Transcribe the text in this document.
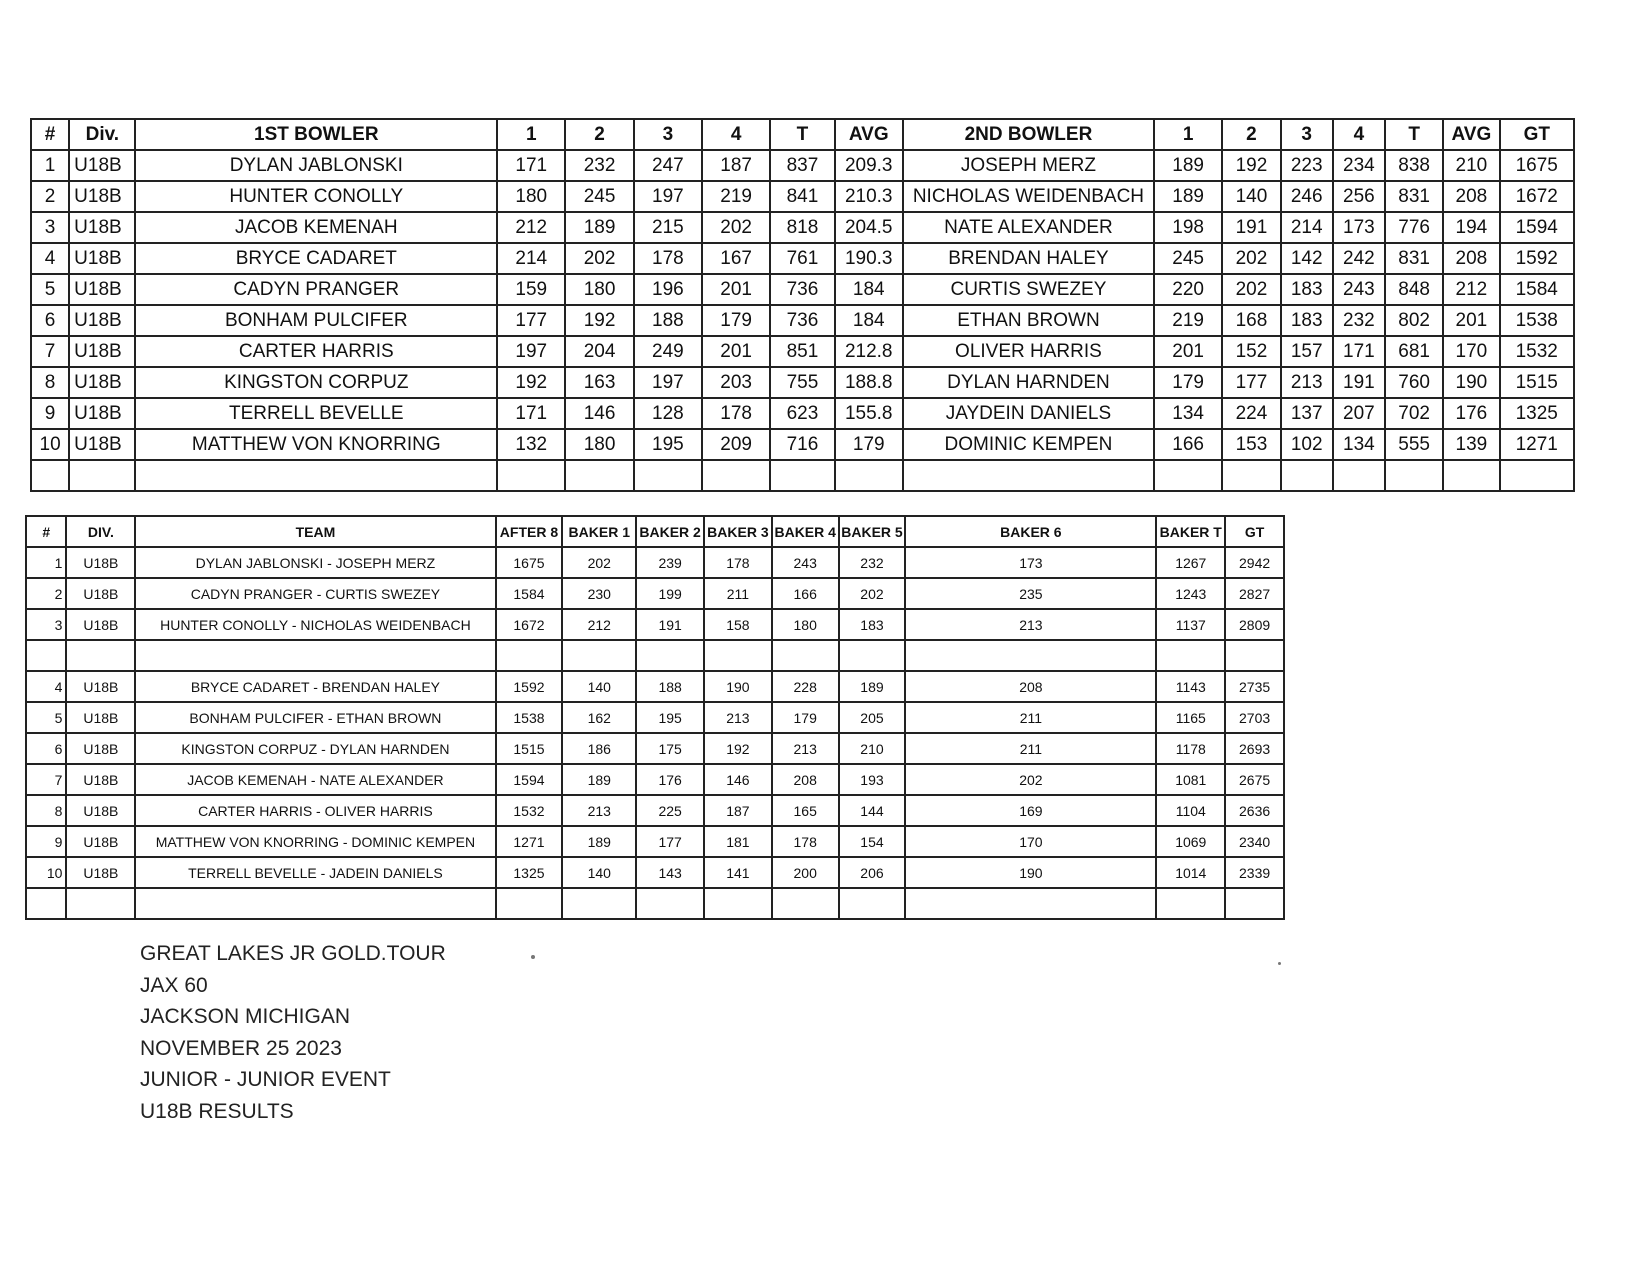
#	Div.	1ST BOWLER	1	2	3	4	T	AVG	2ND BOWLER	1	2	3	4	T	AVG	GT
1	U18B	DYLAN JABLONSKI	171	232	247	187	837	209.3	JOSEPH MERZ	189	192	223	234	838	210	1675
2	U18B	HUNTER CONOLLY	180	245	197	219	841	210.3	NICHOLAS WEIDENBACH	189	140	246	256	831	208	1672
3	U18B	JACOB KEMENAH	212	189	215	202	818	204.5	NATE ALEXANDER	198	191	214	173	776	194	1594
4	U18B	BRYCE CADARET	214	202	178	167	761	190.3	BRENDAN HALEY	245	202	142	242	831	208	1592
5	U18B	CADYN PRANGER	159	180	196	201	736	184	CURTIS SWEZEY	220	202	183	243	848	212	1584
6	U18B	BONHAM PULCIFER	177	192	188	179	736	184	ETHAN BROWN	219	168	183	232	802	201	1538
7	U18B	CARTER HARRIS	197	204	249	201	851	212.8	OLIVER HARRIS	201	152	157	171	681	170	1532
8	U18B	KINGSTON CORPUZ	192	163	197	203	755	188.8	DYLAN HARNDEN	179	177	213	191	760	190	1515
9	U18B	TERRELL BEVELLE	171	146	128	178	623	155.8	JAYDEIN DANIELS	134	224	137	207	702	176	1325
10	U18B	MATTHEW VON KNORRING	132	180	195	209	716	179	DOMINIC KEMPEN	166	153	102	134	555	139	1271

#	DIV.	TEAM	AFTER 8	BAKER 1	BAKER 2	BAKER 3	BAKER 4	BAKER 5	BAKER 6	BAKER T	GT
1	U18B	DYLAN JABLONSKI - JOSEPH MERZ	1675	202	239	178	243	232	173	1267	2942
2	U18B	CADYN PRANGER - CURTIS SWEZEY	1584	230	199	211	166	202	235	1243	2827
3	U18B	HUNTER CONOLLY - NICHOLAS WEIDENBACH	1672	212	191	158	180	183	213	1137	2809

4	U18B	BRYCE CADARET - BRENDAN HALEY	1592	140	188	190	228	189	208	1143	2735
5	U18B	BONHAM PULCIFER - ETHAN BROWN	1538	162	195	213	179	205	211	1165	2703
6	U18B	KINGSTON CORPUZ - DYLAN HARNDEN	1515	186	175	192	213	210	211	1178	2693
7	U18B	JACOB KEMENAH - NATE ALEXANDER	1594	189	176	146	208	193	202	1081	2675
8	U18B	CARTER HARRIS - OLIVER HARRIS	1532	213	225	187	165	144	169	1104	2636
9	U18B	MATTHEW VON KNORRING - DOMINIC KEMPEN	1271	189	177	181	178	154	170	1069	2340
10	U18B	TERRELL BEVELLE - JADEIN DANIELS	1325	140	143	141	200	206	190	1014	2339

GREAT LAKES JR GOLD.TOUR
JAX 60
JACKSON MICHIGAN
NOVEMBER 25 2023
JUNIOR - JUNIOR EVENT
U18B RESULTS
